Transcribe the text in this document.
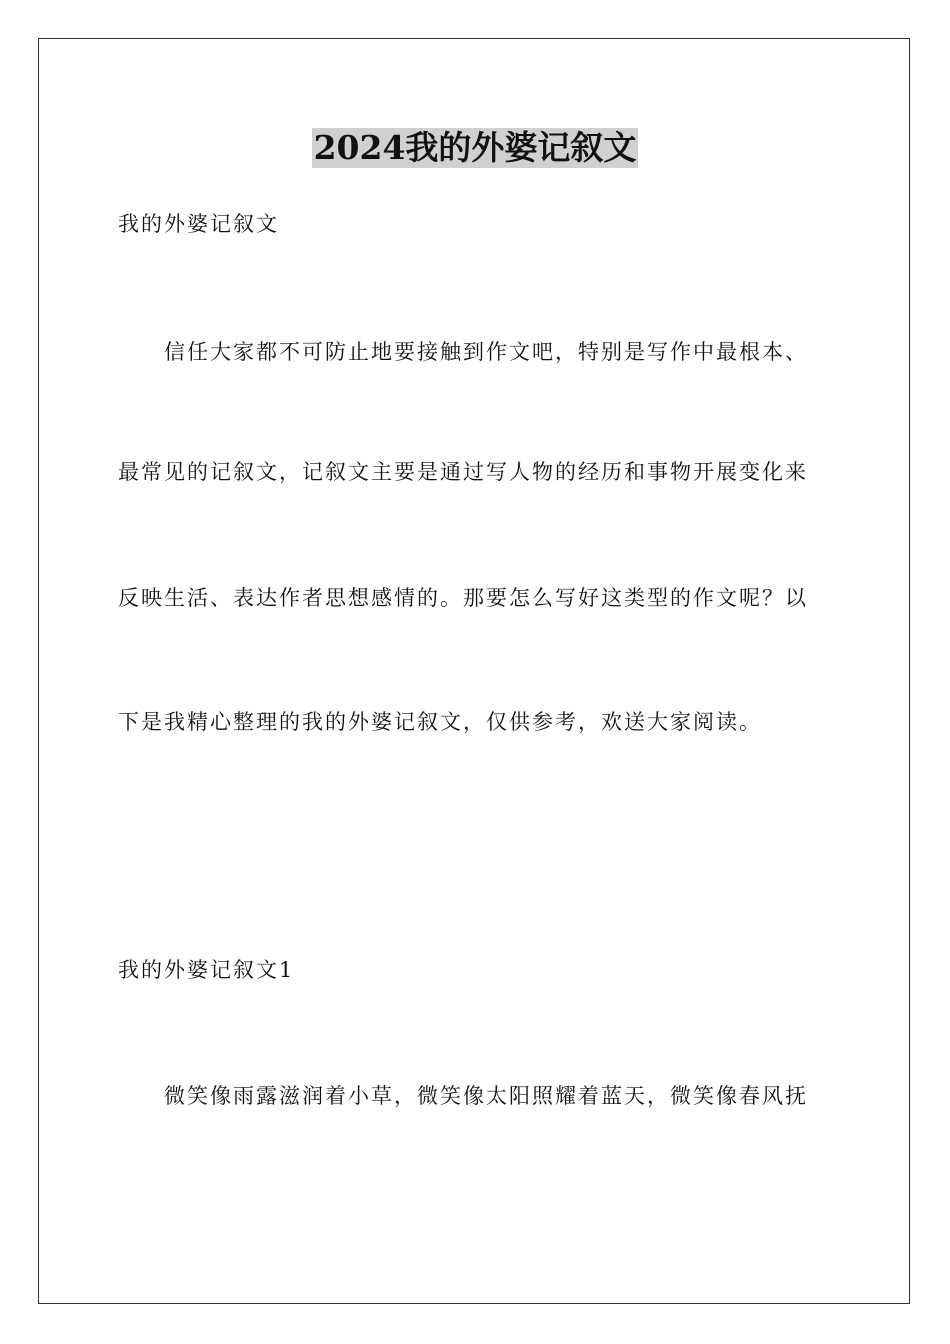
2024我的外婆记叙文
我的外婆记叙文
信任大家都不可防止地要接触到作文吧，特别是写作中最根本、
最常见的记叙文，记叙文主要是通过写人物的经历和事物开展变化来
反映生活、表达作者思想感情的。那要怎么写好这类型的作文呢？以
下是我精心整理的我的外婆记叙文，仅供参考，欢送大家阅读。
我的外婆记叙文1
微笑像雨露滋润着小草，微笑像太阳照耀着蓝天，微笑像春风抚
